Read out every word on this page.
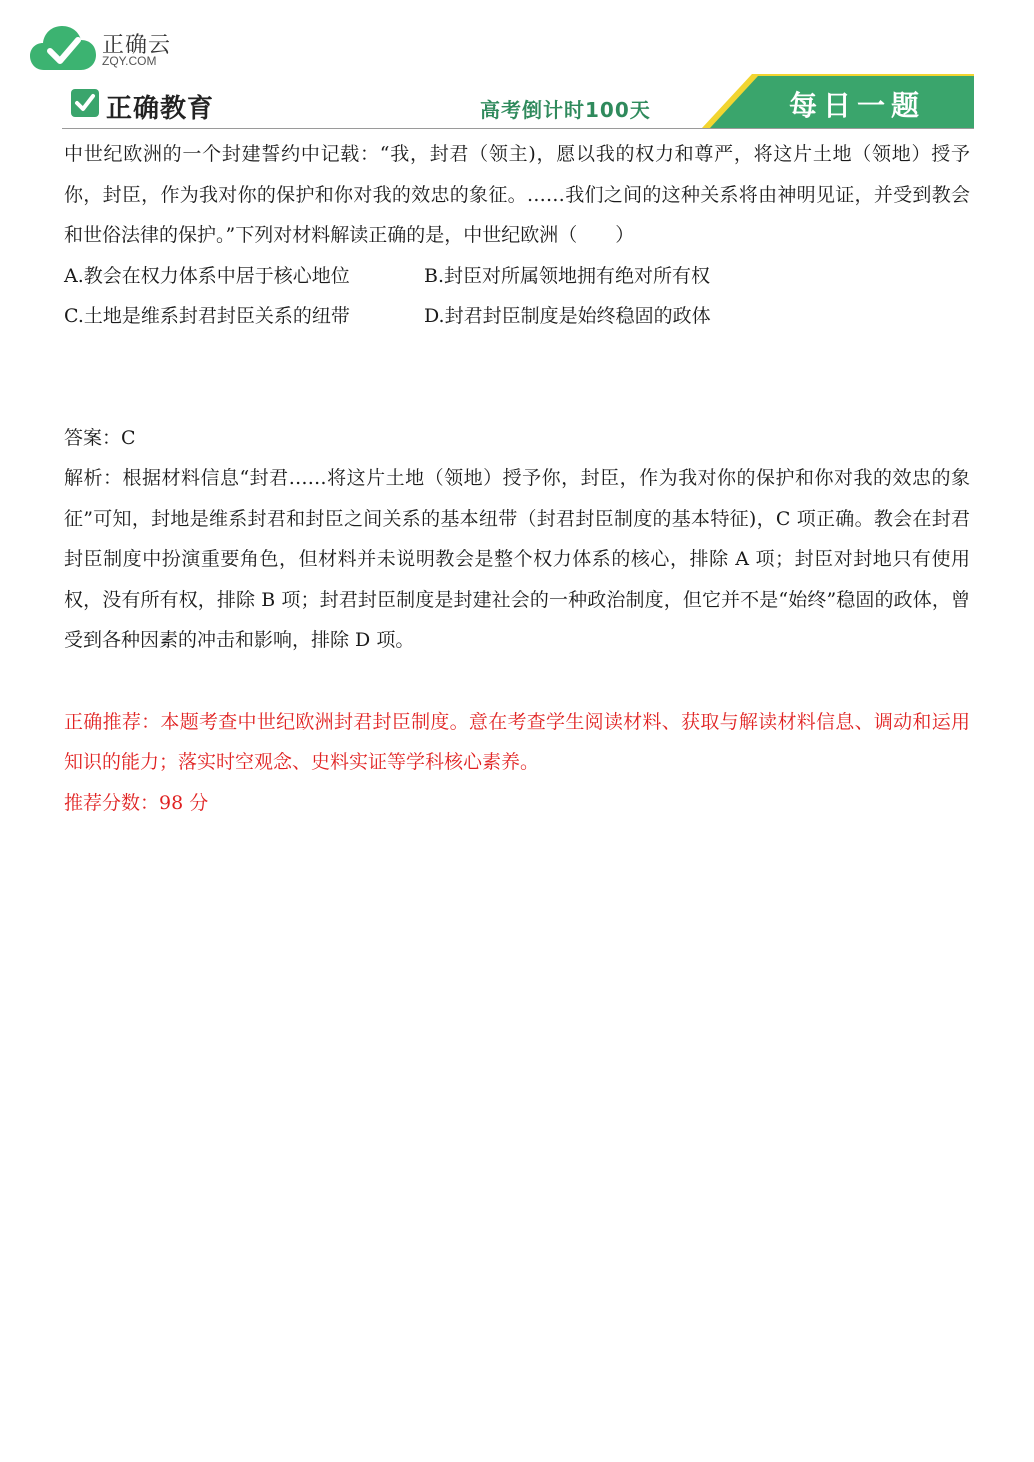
正确云
ZQY.COM
正确教育	高考倒计时100天	每日一题

中世纪欧洲的一个封建誓约中记载：“我，封君（领主)，愿以我的权力和尊严，将这片土地（领地）授予你，封臣，作为我对你的保护和你对我的效忠的象征。……我们之间的这种关系将由神明见证，并受到教会和世俗法律的保护。”下列对材料解读正确的是，中世纪欧洲（　　）

A.教会在权力体系中居于核心地位	B.封臣对所属领地拥有绝对所有权
C.土地是维系封君封臣关系的纽带	D.封君封臣制度是始终稳固的政体

答案：C

解析：根据材料信息“封君……将这片土地（领地）授予你，封臣，作为我对你的保护和你对我的效忠的象征”可知，封地是维系封君和封臣之间关系的基本纽带（封君封臣制度的基本特征)，C 项正确。教会在封君封臣制度中扮演重要角色，但材料并未说明教会是整个权力体系的核心，排除 A 项；封臣对封地只有使用权，没有所有权，排除 B 项；封君封臣制度是封建社会的一种政治制度，但它并不是“始终”稳固的政体，曾受到各种因素的冲击和影响，排除 D 项。

正确推荐：本题考查中世纪欧洲封君封臣制度。意在考查学生阅读材料、获取与解读材料信息、调动和运用知识的能力；落实时空观念、史料实证等学科核心素养。

推荐分数：98 分
